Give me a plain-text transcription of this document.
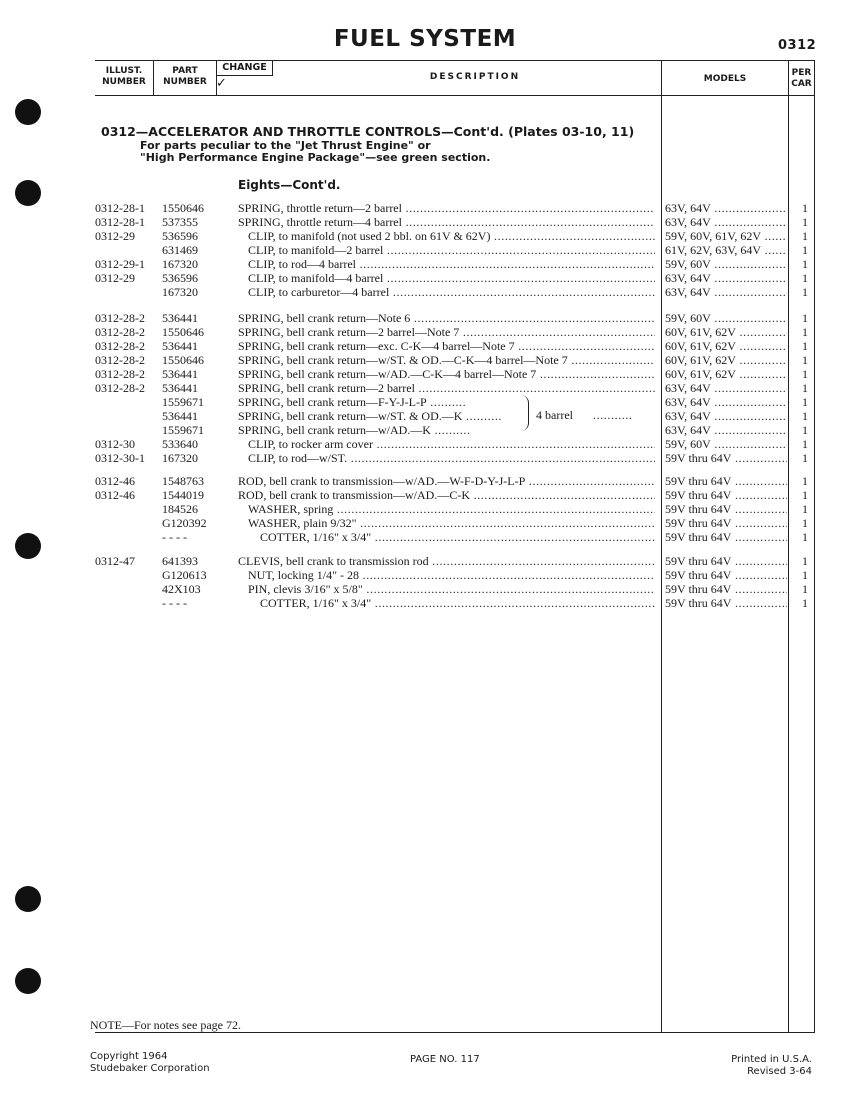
FUEL SYSTEM	0312
ILLUST.
NUMBER
PART
NUMBER
CHANGE
✓	DESCRIPTION	MODELS
PER
CAR
0312—ACCELERATOR AND THROTTLE CONTROLS—Cont'd. (Plates 03-10, 11)
For parts peculiar to the "Jet Thrust Engine" or
"High Performance Engine Package"—see green section.
Eights—Cont'd.
0312-28-1 1550646	SPRING, throttle return—2 barrel .....	63V, 64V .....	1
0312-28-1 537355	SPRING, throttle return—4 barrel .....	63V, 64V .....	1
0312-29 536596	CLIP, to manifold (not used 2 bbl. on 61V & 62V) .....	59V, 60V, 61V, 62V .....	1
631469	CLIP, to manifold—2 barrel .....	61V, 62V, 63V, 64V .....	1
0312-29-1 167320	CLIP, to rod—4 barrel .....	59V, 60V .....	1
0312-29 536596	CLIP, to manifold—4 barrel .....	63V, 64V .....	1
167320	CLIP, to carburetor—4 barrel .....	63V, 64V .....	1
0312-28-2 536441	SPRING, bell crank return—Note 6 .....	59V, 60V .....	1
0312-28-2 1550646	SPRING, bell crank return—2 barrel—Note 7 .....	60V, 61V, 62V .....	1
0312-28-2 536441	SPRING, bell crank return—exc. C-K—4 barrel—Note 7 .....	60V, 61V, 62V .....	1
0312-28-2 1550646	SPRING, bell crank return—w/ST. & OD.—C-K—4 barrel—Note 7 .....	60V, 61V, 62V .....	1
0312-28-2 536441	SPRING, bell crank return—w/AD.—C-K—4 barrel—Note 7 .....	60V, 61V, 62V .....	1
0312-28-2 536441	SPRING, bell crank return—2 barrel .....	63V, 64V .....	1
1559671	SPRING, bell crank return—F-Y-J-L-P .....	63V, 64V .....	1
536441	SPRING, bell crank return—w/ST. & OD.—K .....	63V, 64V .....	1
1559671	SPRING, bell crank return—w/AD.—K .....	63V, 64V .....	1
0312-30 533640	CLIP, to rocker arm cover .....	59V, 60V .....	1
0312-30-1 167320	CLIP, to rod—w/ST. .....	59V thru 64V .....	1
0312-46 1548763	ROD, bell crank to transmission—w/AD.—W-F-D-Y-J-L-P .....	59V thru 64V .....	1
0312-46 1544019	ROD, bell crank to transmission—w/AD.—C-K .....	59V thru 64V .....	1
184526	WASHER, spring .....	59V thru 64V .....	1
G120392	WASHER, plain 9/32" .....	59V thru 64V .....	1
- - - -	COTTER, 1/16" x 3/4" .....	59V thru 64V .....	1
0312-47 641393	CLEVIS, bell crank to transmission rod .....	59V thru 64V .....	1
G120613	NUT, locking 1/4" - 28 .....	59V thru 64V .....	1
42X103	PIN, clevis 3/16" x 5/8" .....	59V thru 64V .....	1
- - - -	COTTER, 1/16" x 3/4" .....	59V thru 64V .....	1
4 barrel ...........
NOTE—For notes see page 72.
Copyright 1964
Studebaker Corporation
PAGE NO. 117	Printed in U.S.A.
Revised 3-64
